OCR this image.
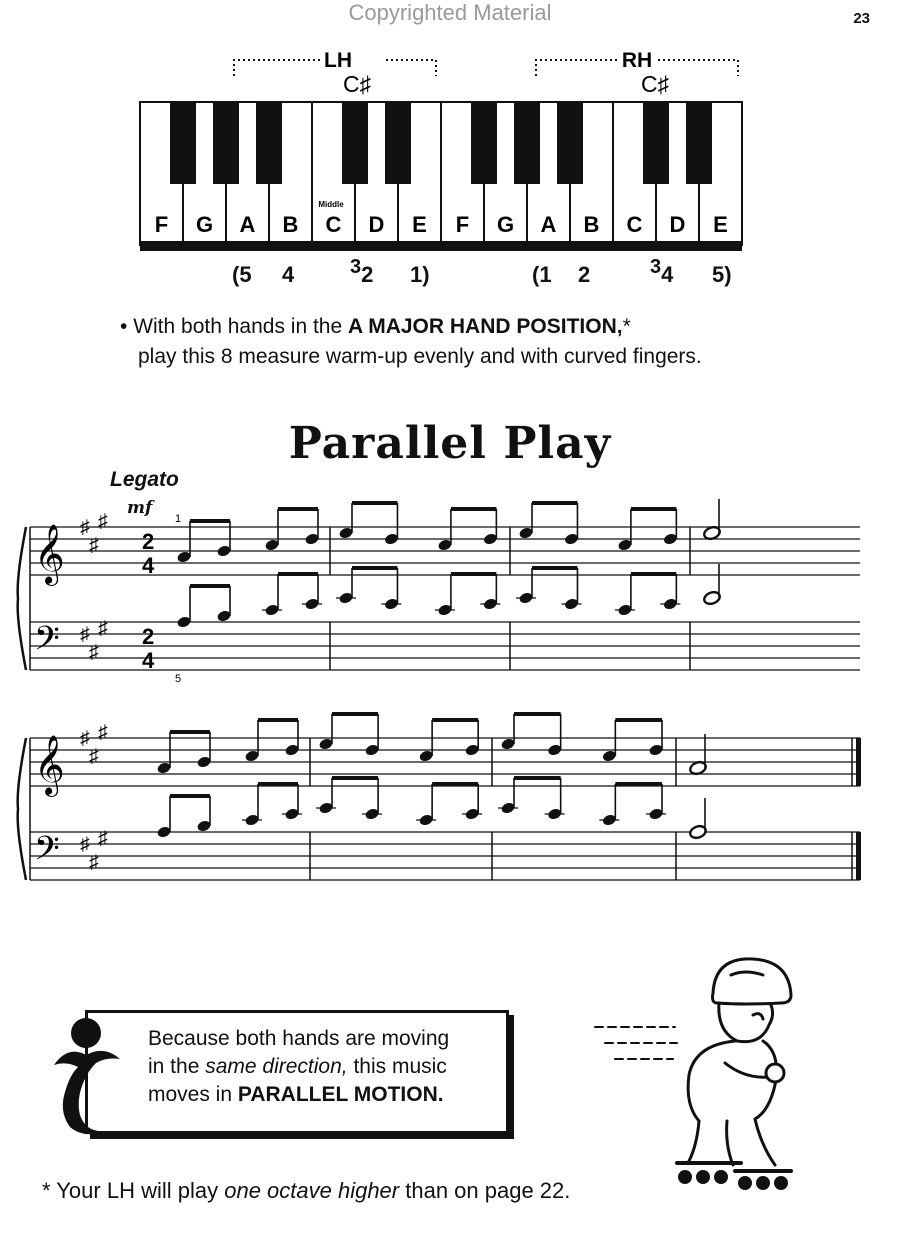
Copyrighted Material	23
LH
C♯
RH
C♯
F G A B C D E F G A B C D E
Middle
(5 4	32 1)	(1 2	34 5)
• With both hands in the A MAJOR HAND POSITION,*
play this 8 measure warm-up evenly and with curved fingers.
Parallel Play
Legato
mf
𝄞
𝄢
♯
♯
♯
♯
♯
♯
2
4
2
4
𝄞
𝄢
♯
♯
♯
♯
♯
♯
1
5
Because both hands are moving
in the same direction, this music
moves in PARALLEL MOTION.
* Your LH will play one octave higher than on page 22.
